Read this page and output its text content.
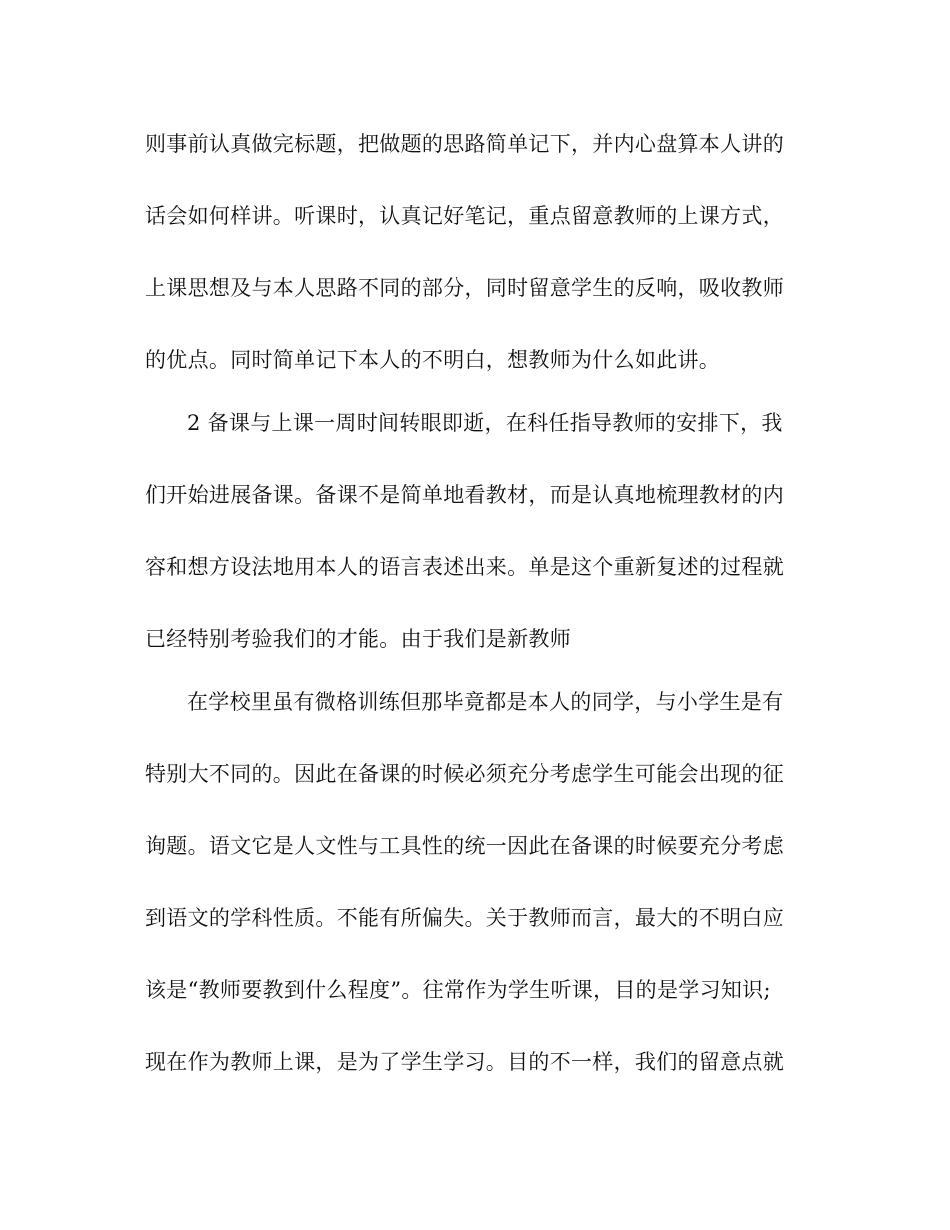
则事前认真做完标题，把做题的思路简单记下，并内心盘算本人讲的
话会如何样讲。听课时，认真记好笔记，重点留意教师的上课方式，
上课思想及与本人思路不同的部分，同时留意学生的反响，吸收教师
的优点。同时简单记下本人的不明白，想教师为什么如此讲。
2 备课与上课一周时间转眼即逝，在科任指导教师的安排下，我
们开始进展备课。备课不是简单地看教材，而是认真地梳理教材的内
容和想方设法地用本人的语言表述出来。单是这个重新复述的过程就
已经特别考验我们的才能。由于我们是新教师
在学校里虽有微格训练但那毕竟都是本人的同学，与小学生是有
特别大不同的。因此在备课的时候必须充分考虑学生可能会出现的征
询题。语文它是人文性与工具性的统一因此在备课的时候要充分考虑
到语文的学科性质。不能有所偏失。关于教师而言，最大的不明白应
该是“教师要教到什么程度”。往常作为学生听课，目的是学习知识;
现在作为教师上课，是为了学生学习。目的不一样，我们的留意点就
